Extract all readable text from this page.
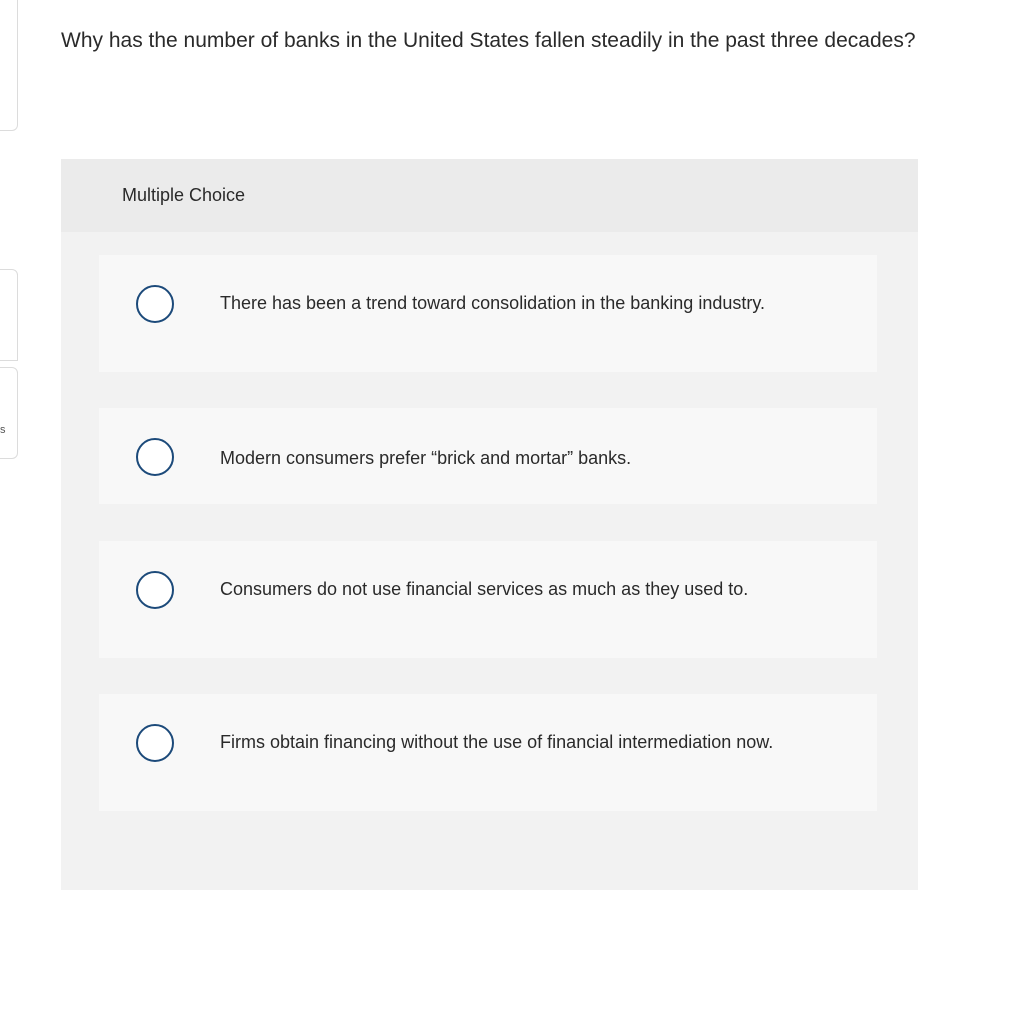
s

Why has the number of banks in the United States fallen steadily in the past three decades?

Multiple Choice
There has been a trend toward consolidation in the banking industry.
Modern consumers prefer “brick and mortar” banks.
Consumers do not use financial services as much as they used to.
Firms obtain financing without the use of financial intermediation now.
